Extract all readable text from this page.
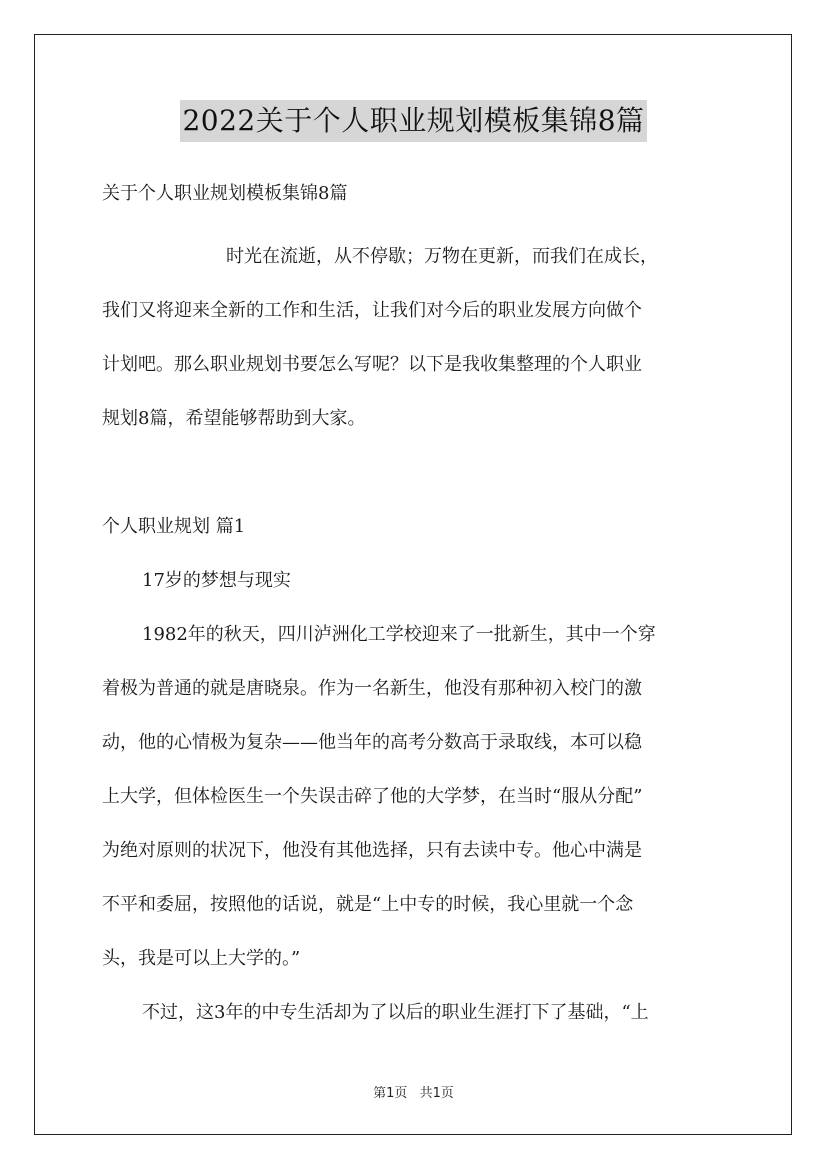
2022关于个人职业规划模板集锦8篇
关于个人职业规划模板集锦8篇
时光在流逝，从不停歇；万物在更新，而我们在成长，
我们又将迎来全新的工作和生活，让我们对今后的职业发展方向做个
计划吧。那么职业规划书要怎么写呢？以下是我收集整理的个人职业
规划8篇，希望能够帮助到大家。
个人职业规划 篇1
17岁的梦想与现实
1982年的秋天，四川泸洲化工学校迎来了一批新生，其中一个穿
着极为普通的就是唐晓泉。作为一名新生，他没有那种初入校门的激
动，他的心情极为复杂——他当年的高考分数高于录取线，本可以稳
上大学，但体检医生一个失误击碎了他的大学梦，在当时“服从分配”
为绝对原则的状况下，他没有其他选择，只有去读中专。他心中满是
不平和委屈，按照他的话说，就是“上中专的时候，我心里就一个念
头，我是可以上大学的。”
不过，这3年的中专生活却为了以后的职业生涯打下了基础，“上
第1页 共1页
